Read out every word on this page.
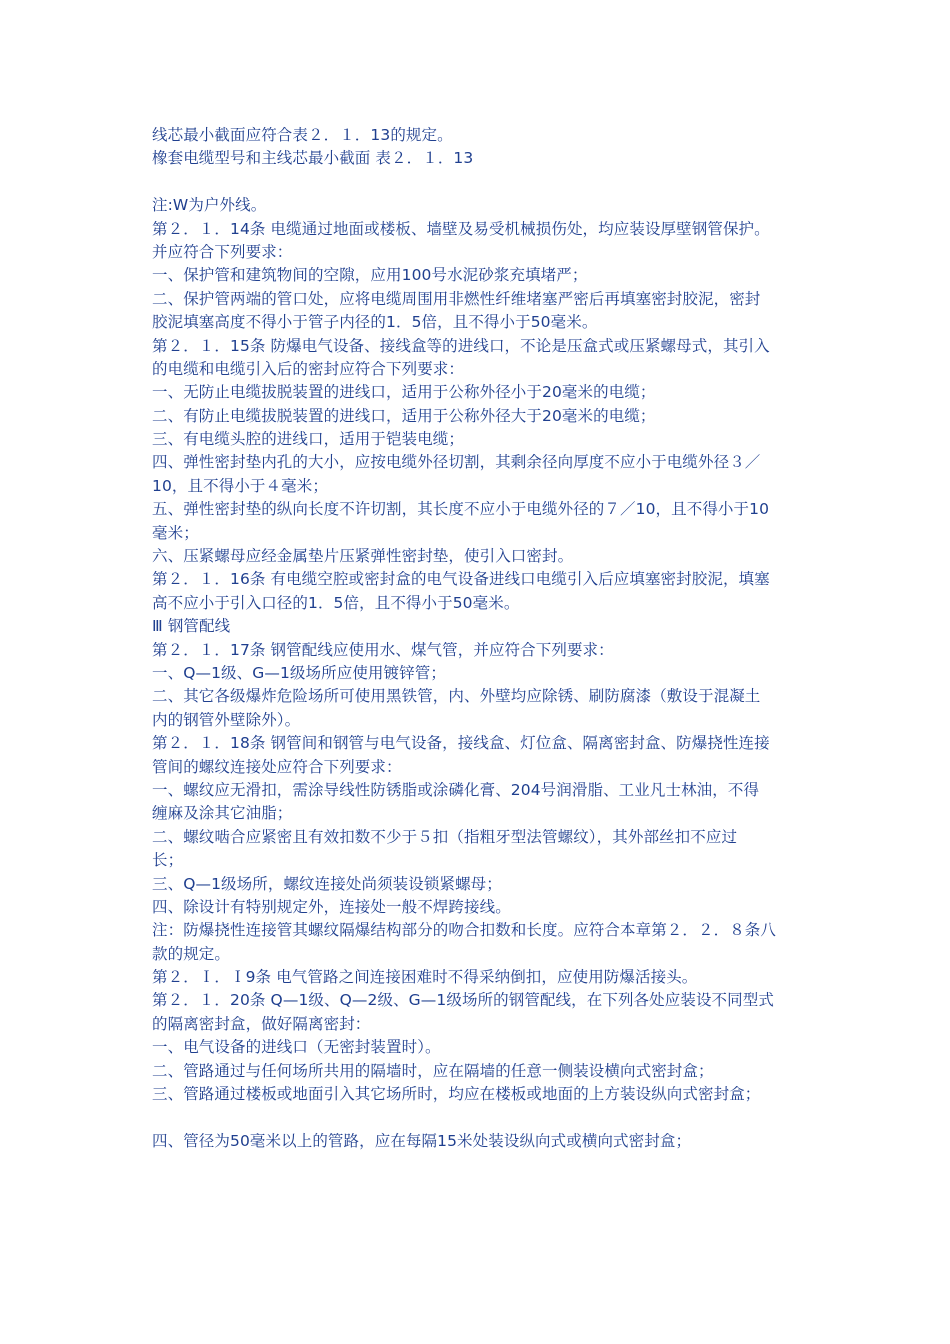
线芯最小截面应符合表２．１．13的规定。
橡套电缆型号和主线芯最小截面 表２．１．13
注:W为户外线。
第２．１．14条 电缆通过地面或楼板、墙壁及易受机械损伤处，均应装设厚壁钢管保护。
并应符合下列要求：
一、保护管和建筑物间的空隙，应用100号水泥砂浆充填堵严；
二、保护管两端的管口处，应将电缆周围用非燃性纤维堵塞严密后再填塞密封胶泥，密封
胶泥填塞高度不得小于管子内径的1．5倍，且不得小于50毫米。
第２．１．15条 防爆电气设备、接线盒等的进线口，不论是压盒式或压紧螺母式，其引入
的电缆和电缆引入后的密封应符合下列要求：
一、无防止电缆拔脱装置的进线口，适用于公称外径小于20毫米的电缆；
二、有防止电缆拔脱装置的进线口，适用于公称外径大于20毫米的电缆；
三、有电缆头腔的进线口，适用于铠装电缆；
四、弹性密封垫内孔的大小，应按电缆外径切割，其剩余径向厚度不应小于电缆外径３／
10，且不得小于４毫米；
五、弹性密封垫的纵向长度不许切割，其长度不应小于电缆外径的７／10，且不得小于10
毫米；
六、压紧螺母应经金属垫片压紧弹性密封垫，使引入口密封。
第２．１．16条 有电缆空腔或密封盒的电气设备进线口电缆引入后应填塞密封胶泥，填塞
高不应小于引入口径的1．5倍，且不得小于50毫米。
Ⅲ 钢管配线
第２．１．17条 钢管配线应使用水、煤气管，并应符合下列要求：
一、Q—1级、G—1级场所应使用镀锌管；
二、其它各级爆炸危险场所可使用黑铁管，内、外壁均应除锈、刷防腐漆（敷设于混凝土
内的钢管外壁除外）。
第２．１．18条 钢管间和钢管与电气设备，接线盒、灯位盒、隔离密封盒、防爆挠性连接
管间的螺纹连接处应符合下列要求：
一、螺纹应无滑扣，需涂导线性防锈脂或涂磷化膏、204号润滑脂、工业凡士林油，不得
缠麻及涂其它油脂；
二、螺纹啮合应紧密且有效扣数不少于５扣（指粗牙型法管螺纹），其外部丝扣不应过
长；
三、Q—1级场所，螺纹连接处尚须装设锁紧螺母；
四、除设计有特别规定外，连接处一般不焊跨接线。
注：防爆挠性连接管其螺纹隔爆结构部分的吻合扣数和长度。应符合本章第２．２．８条八
款的规定。
第２．Ｉ．Ｉ9条 电气管路之间连接困难时不得采纳倒扣，应使用防爆活接头。
第２．１．20条 Q—1级、Q—2级、G—1级场所的钢管配线，在下列各处应装设不同型式
的隔离密封盒，做好隔离密封：
一、电气设备的进线口（无密封装置时）。
二、管路通过与任何场所共用的隔墙时，应在隔墙的任意一侧装设横向式密封盒；
三、管路通过楼板或地面引入其它场所时，均应在楼板或地面的上方装设纵向式密封盒；
四、管径为50毫米以上的管路，应在每隔15米处装设纵向式或横向式密封盒；
